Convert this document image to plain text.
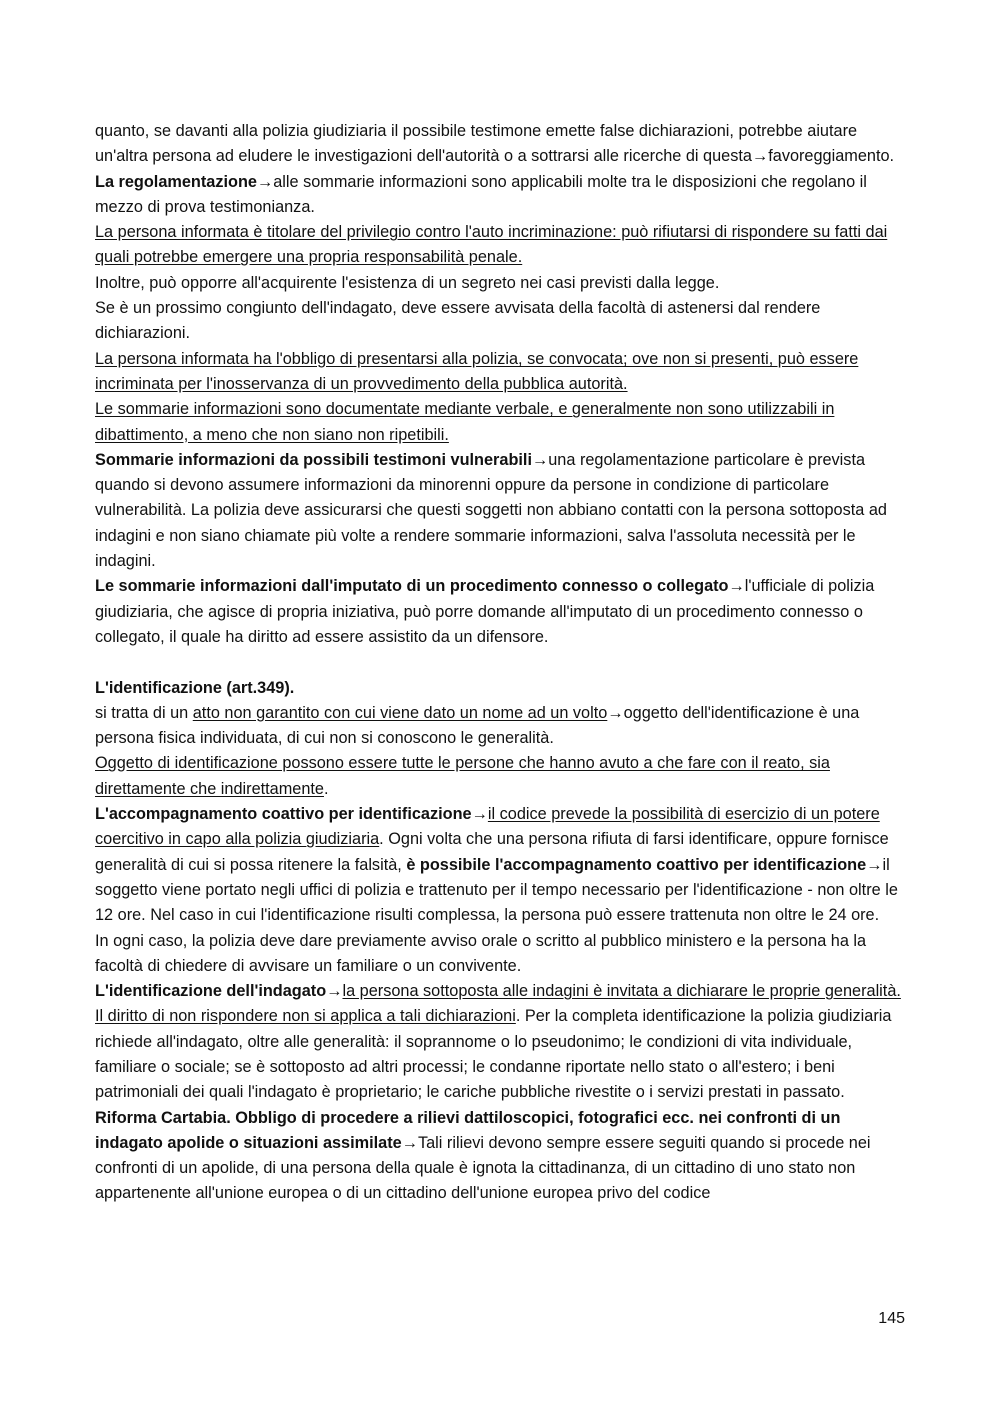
quanto, se davanti alla polizia giudiziaria il possibile testimone emette false dichiarazioni, potrebbe aiutare un'altra persona ad eludere le investigazioni dell'autorità o a sottrarsi alle ricerche di questa→favoreggiamento.

La regolamentazione→alle sommarie informazioni sono applicabili molte tra le disposizioni che regolano il mezzo di prova testimonianza.

La persona informata è titolare del privilegio contro l'auto incriminazione: può rifiutarsi di rispondere su fatti dai quali potrebbe emergere una propria responsabilità penale.

Inoltre, può opporre all'acquirente l'esistenza di un segreto nei casi previsti dalla legge.

Se è un prossimo congiunto dell'indagato, deve essere avvisata della facoltà di astenersi dal rendere dichiarazioni.

La persona informata ha l'obbligo di presentarsi alla polizia, se convocata; ove non si presenti, può essere incriminata per l'inosservanza di un provvedimento della pubblica autorità.

Le sommarie informazioni sono documentate mediante verbale, e generalmente non sono utilizzabili in dibattimento, a meno che non siano non ripetibili.

Sommarie informazioni da possibili testimoni vulnerabili→una regolamentazione particolare è prevista quando si devono assumere informazioni da minorenni oppure da persone in condizione di particolare vulnerabilità. La polizia deve assicurarsi che questi soggetti non abbiano contatti con la persona sottoposta ad indagini e non siano chiamate più volte a rendere sommarie informazioni, salva l'assoluta necessità per le indagini.

Le sommarie informazioni dall'imputato di un procedimento connesso o collegato→l'ufficiale di polizia giudiziaria, che agisce di propria iniziativa, può porre domande all'imputato di un procedimento connesso o collegato, il quale ha diritto ad essere assistito da un difensore.

L'identificazione (art.349).

si tratta di un atto non garantito con cui viene dato un nome ad un volto→oggetto dell'identificazione è una persona fisica individuata, di cui non si conoscono le generalità.

Oggetto di identificazione possono essere tutte le persone che hanno avuto a che fare con il reato, sia direttamente che indirettamente.

L'accompagnamento coattivo per identificazione→il codice prevede la possibilità di esercizio di un potere coercitivo in capo alla polizia giudiziaria. Ogni volta che una persona rifiuta di farsi identificare, oppure fornisce generalità di cui si possa ritenere la falsità, è possibile l'accompagnamento coattivo per identificazione→il soggetto viene portato negli uffici di polizia e trattenuto per il tempo necessario per l'identificazione - non oltre le 12 ore. Nel caso in cui l'identificazione risulti complessa, la persona può essere trattenuta non oltre le 24 ore.

In ogni caso, la polizia deve dare previamente avviso orale o scritto al pubblico ministero e la persona ha la facoltà di chiedere di avvisare un familiare o un convivente.

L'identificazione dell'indagato→la persona sottoposta alle indagini è invitata a dichiarare le proprie generalità. Il diritto di non rispondere non si applica a tali dichiarazioni. Per la completa identificazione la polizia giudiziaria richiede all'indagato, oltre alle generalità: il soprannome o lo pseudonimo; le condizioni di vita individuale, familiare o sociale; se è sottoposto ad altri processi; le condanne riportate nello stato o all'estero; i beni patrimoniali dei quali l'indagato è proprietario; le cariche pubbliche rivestite o i servizi prestati in passato.

Riforma Cartabia. Obbligo di procedere a rilievi dattiloscopici, fotografici ecc. nei confronti di un indagato apolide o situazioni assimilate→Tali rilievi devono sempre essere seguiti quando si procede nei confronti di un apolide, di una persona della quale è ignota la cittadinanza, di un cittadino di uno stato non appartenente all'unione europea o di un cittadino dell'unione europea privo del codice

145
